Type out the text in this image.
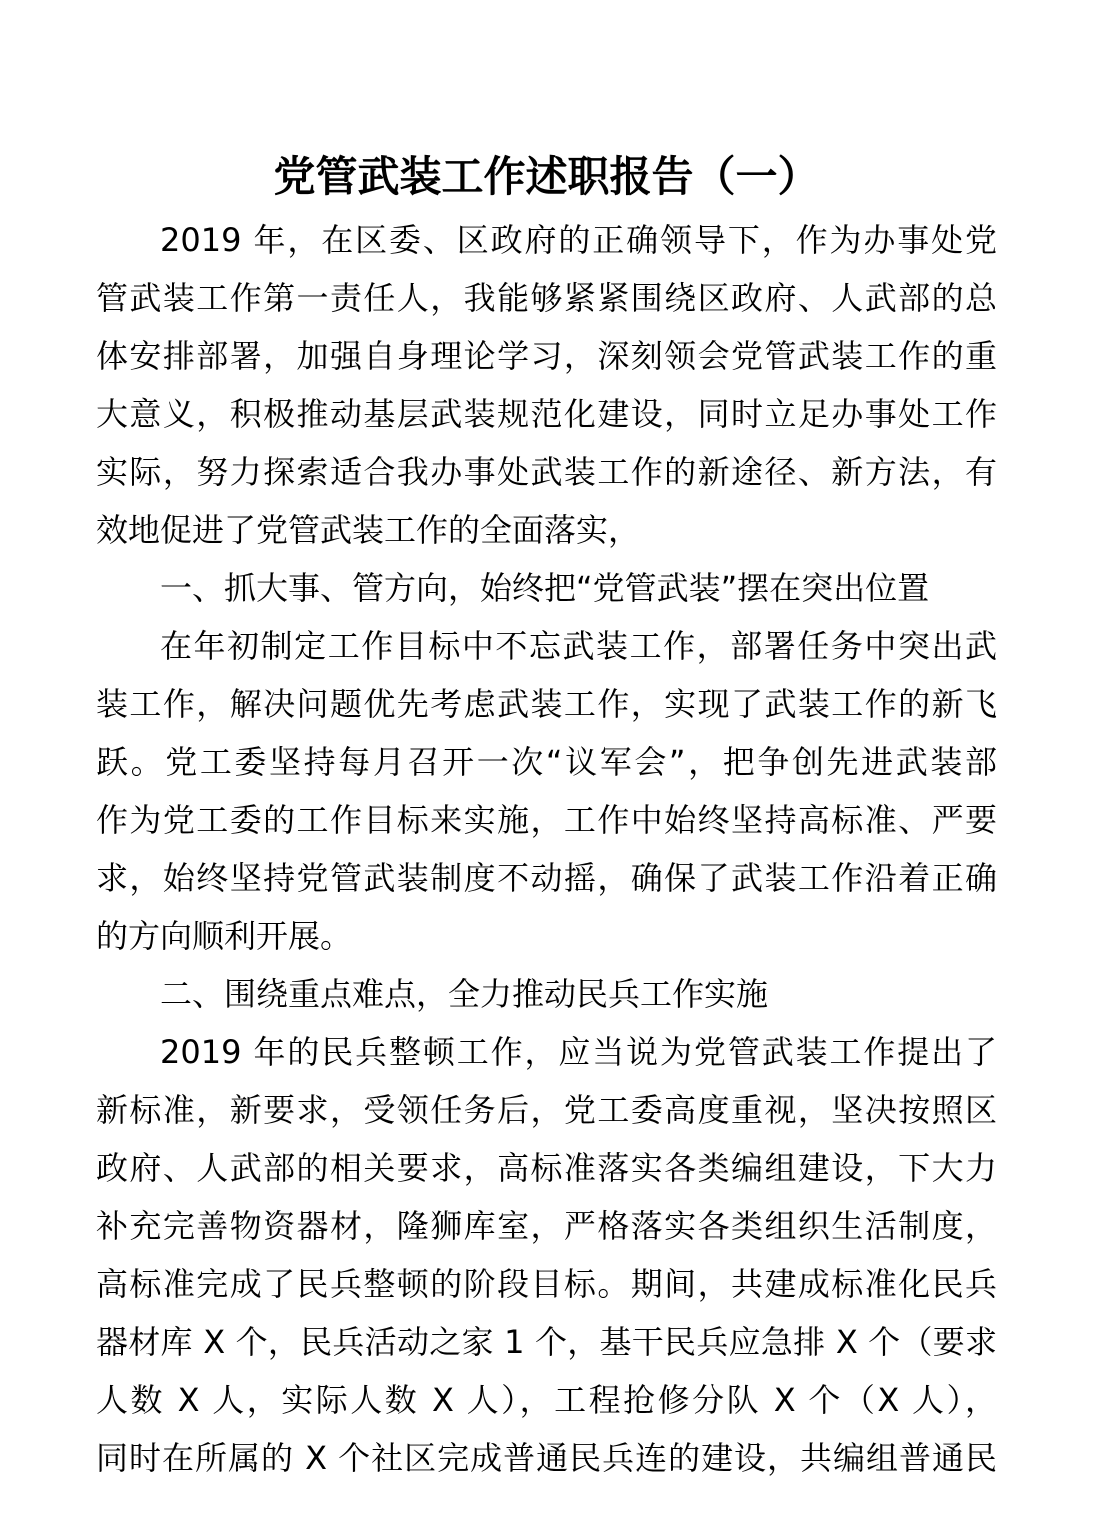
党管武装工作述职报告（一）
2019 年，在区委、区政府的正确领导下，作为办事处党
管武装工作第一责任人，我能够紧紧围绕区政府、人武部的总
体安排部署，加强自身理论学习，深刻领会党管武装工作的重
大意义，积极推动基层武装规范化建设，同时立足办事处工作
实际，努力探索适合我办事处武装工作的新途径、新方法，有
效地促进了党管武装工作的全面落实，
一、抓大事、管方向，始终把“党管武装”摆在突出位置
在年初制定工作目标中不忘武装工作，部署任务中突出武
装工作，解决问题优先考虑武装工作，实现了武装工作的新飞
跃。党工委坚持每月召开一次“议军会”，把争创先进武装部
作为党工委的工作目标来实施，工作中始终坚持高标准、严要
求，始终坚持党管武装制度不动摇，确保了武装工作沿着正确
的方向顺利开展。
二、围绕重点难点，全力推动民兵工作实施
2019 年的民兵整顿工作，应当说为党管武装工作提出了
新标准，新要求，受领任务后，党工委高度重视，坚决按照区
政府、人武部的相关要求，高标准落实各类编组建设，下大力
补充完善物资器材，隆狮库室，严格落实各类组织生活制度，
高标准完成了民兵整顿的阶段目标。期间，共建成标准化民兵
器材库 X 个，民兵活动之家 1 个，基干民兵应急排 X 个（要求
人数 X 人，实际人数 X 人），工程抢修分队 X 个（X 人），
同时在所属的 X 个社区完成普通民兵连的建设，共编组普通民
